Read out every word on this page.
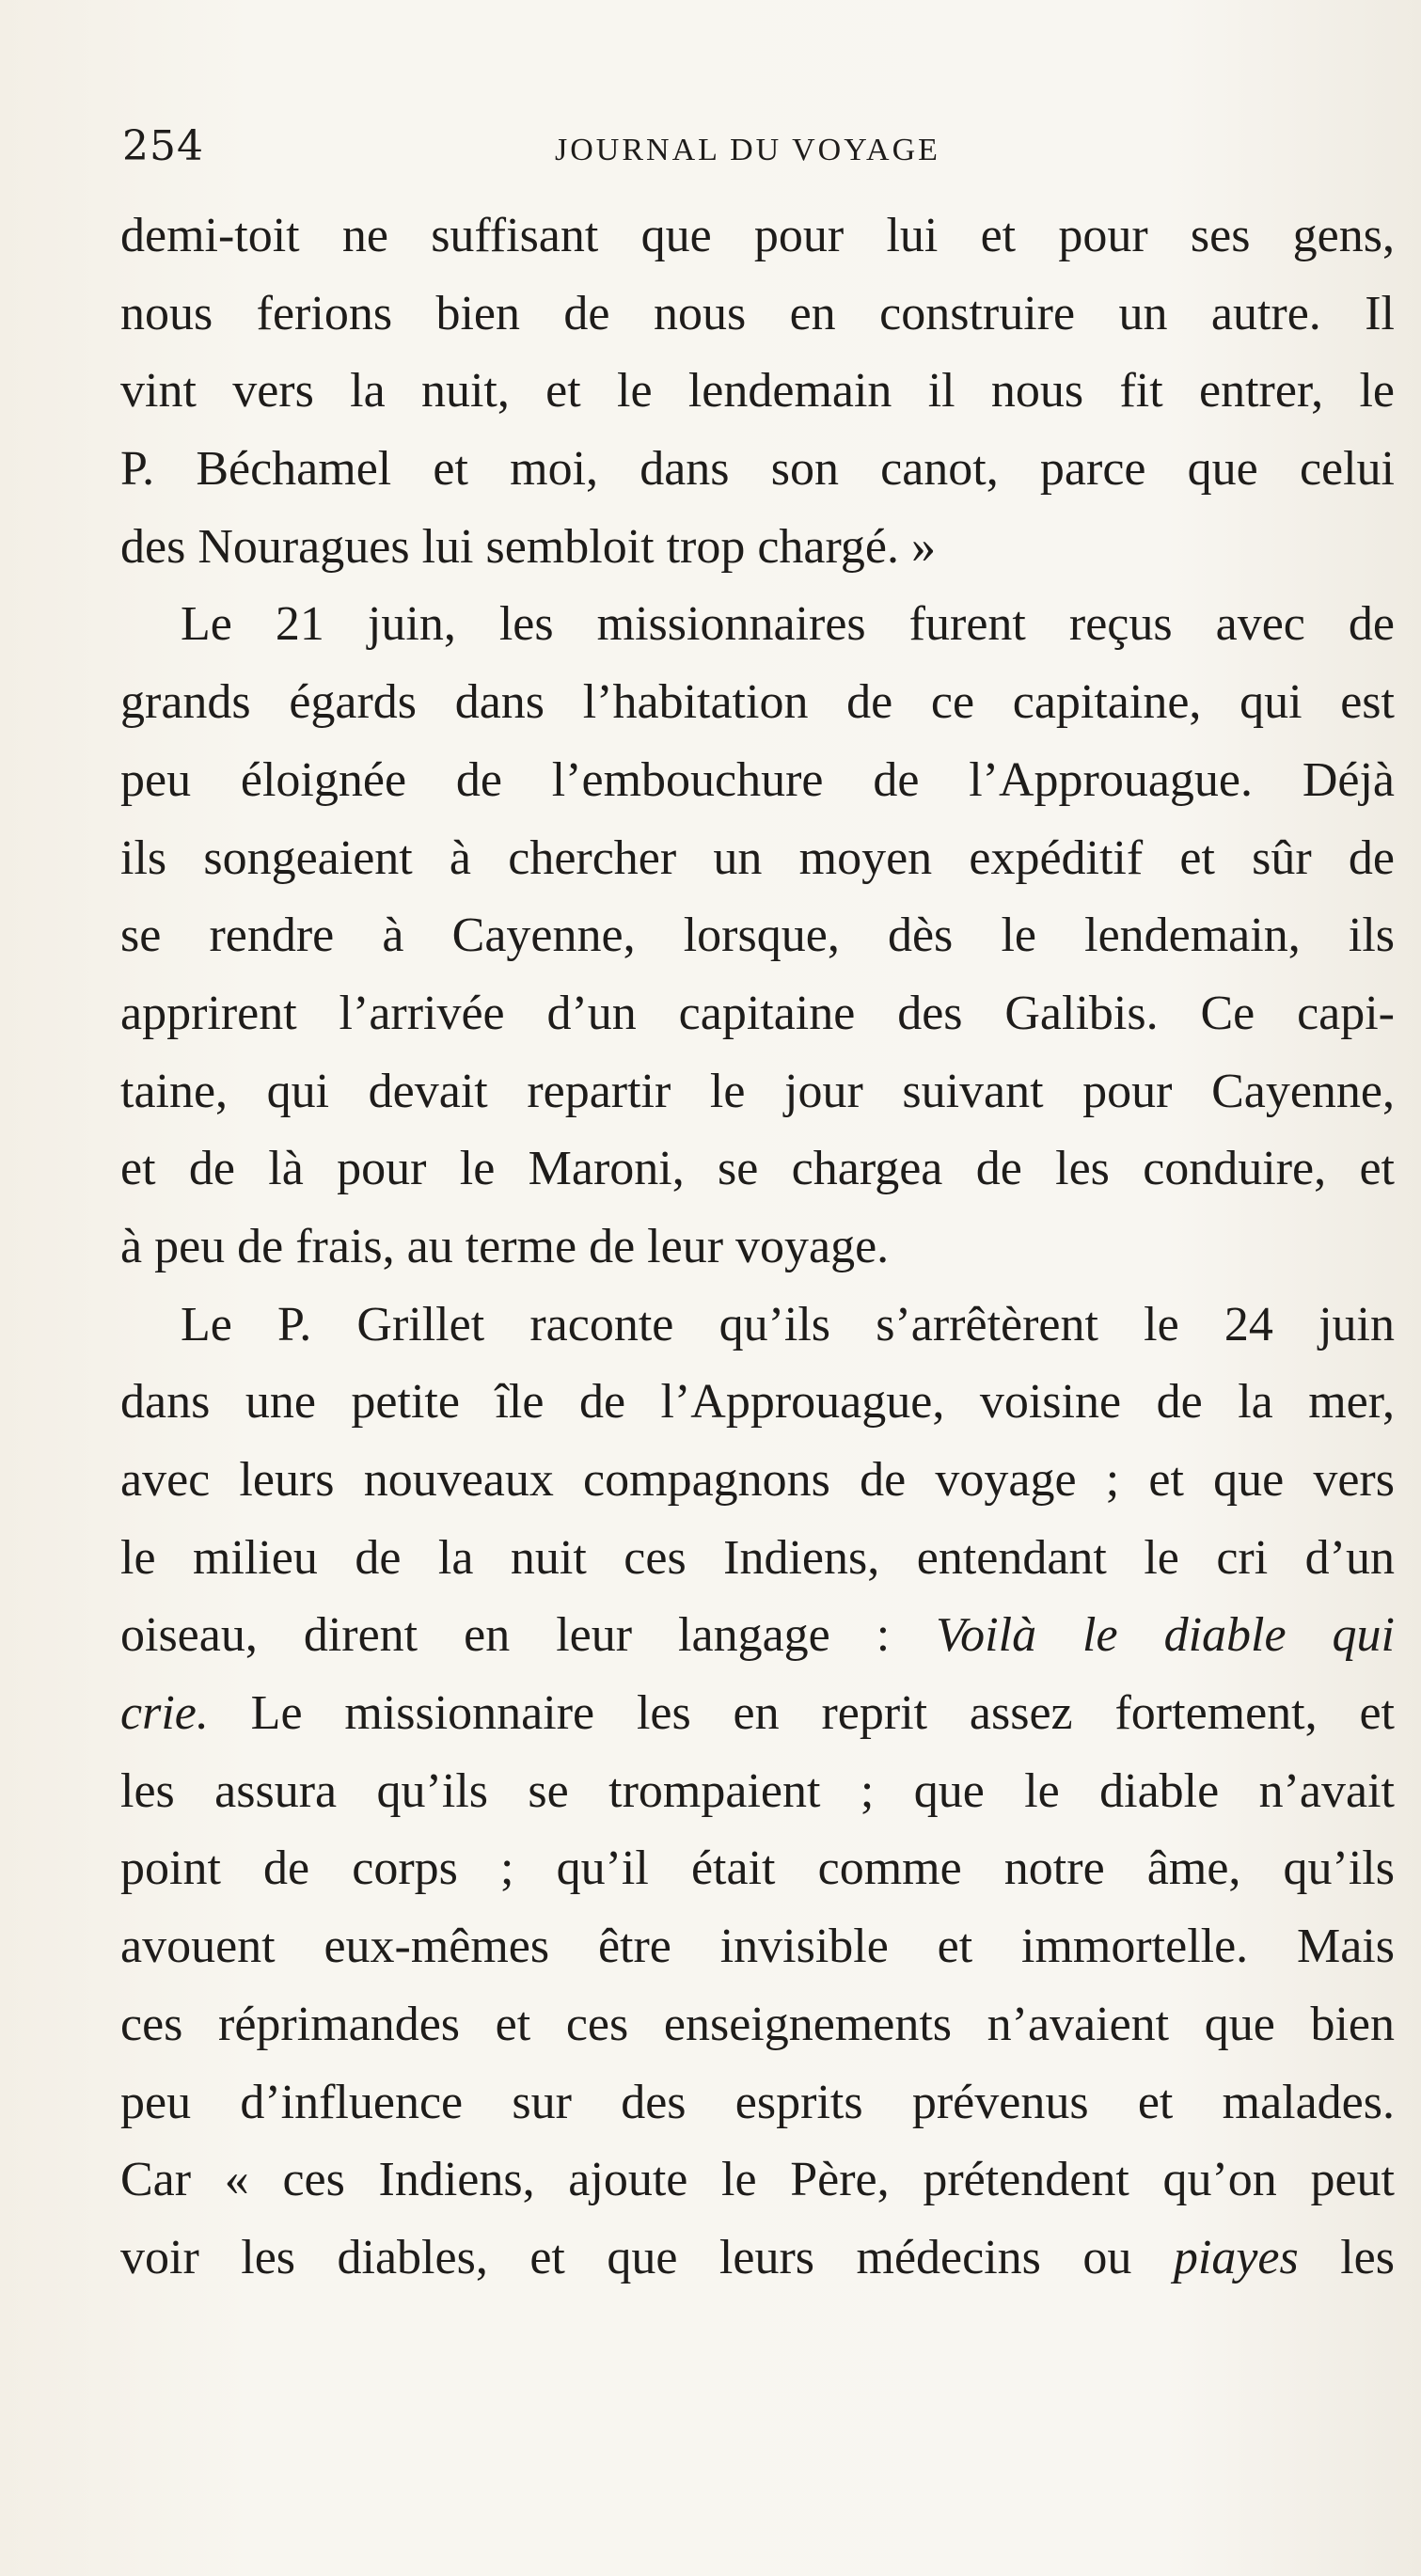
254	JOURNAL DU VOYAGE
demi-toit ne suffisant que pour lui et pour ses gens,
nous ferions bien de nous en construire un autre. Il
vint vers la nuit, et le lendemain il nous fit entrer, le
P. Béchamel et moi, dans son canot, parce que celui
des Nouragues lui sembloit trop chargé. »
Le 21 juin, les missionnaires furent reçus avec de
grands égards dans l’habitation de ce capitaine, qui est
peu éloignée de l’embouchure de l’Approuague. Déjà
ils songeaient à chercher un moyen expéditif et sûr de
se rendre à Cayenne, lorsque, dès le lendemain, ils
apprirent l’arrivée d’un capitaine des Galibis. Ce capi-
taine, qui devait repartir le jour suivant pour Cayenne,
et de là pour le Maroni, se chargea de les conduire, et
à peu de frais, au terme de leur voyage.
Le P. Grillet raconte qu’ils s’arrêtèrent le 24 juin
dans une petite île de l’Approuague, voisine de la mer,
avec leurs nouveaux compagnons de voyage ; et que vers
le milieu de la nuit ces Indiens, entendant le cri d’un
oiseau, dirent en leur langage : Voilà le diable qui
crie. Le missionnaire les en reprit assez fortement, et
les assura qu’ils se trompaient ; que le diable n’avait
point de corps ; qu’il était comme notre âme, qu’ils
avouent eux-mêmes être invisible et immortelle. Mais
ces réprimandes et ces enseignements n’avaient que bien
peu d’influence sur des esprits prévenus et malades.
Car « ces Indiens, ajoute le Père, prétendent qu’on peut
voir les diables, et que leurs médecins ou piayes les
